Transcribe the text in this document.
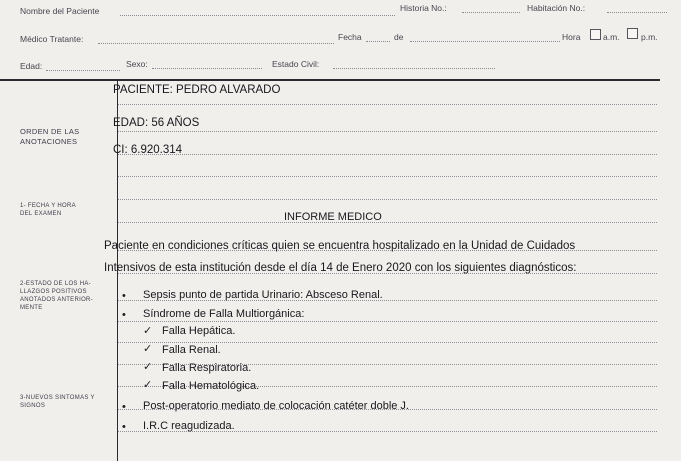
Nombre del Paciente	Historia No.:	Habitación No.:
Médico Tratante:	Fecha	de	Hora	a.m.	p.m.
Edad:	Sexo:	Estado Civil:
ORDEN DE LAS
ANOTACIONES
1- FECHA Y HORA
DEL EXAMEN
2-ESTADO DE LOS HA-
LLAZGOS POSITIVOS
ANOTADOS ANTERIOR-
MENTE
3-NUEVOS SINTOMAS Y
SIGNOS
PACIENTE: PEDRO ALVARADO
EDAD: 56 AÑOS
CI: 6.920.314
INFORME MEDICO
Paciente en condiciones críticas quien se encuentra hospitalizado en la Unidad de Cuidados
Intensivos de esta institución desde el día 14 de Enero 2020 con los siguientes diagnósticos:
• Sepsis punto de partida Urinario: Absceso Renal.
• Síndrome de Falla Multiorgánica:
✓ Falla Hepática.
✓ Falla Renal.
✓ Falla Respiratoria.
✓ Falla Hematológica.
• Post-operatorio mediato de colocación catéter doble J.
• I.R.C reagudizada.
